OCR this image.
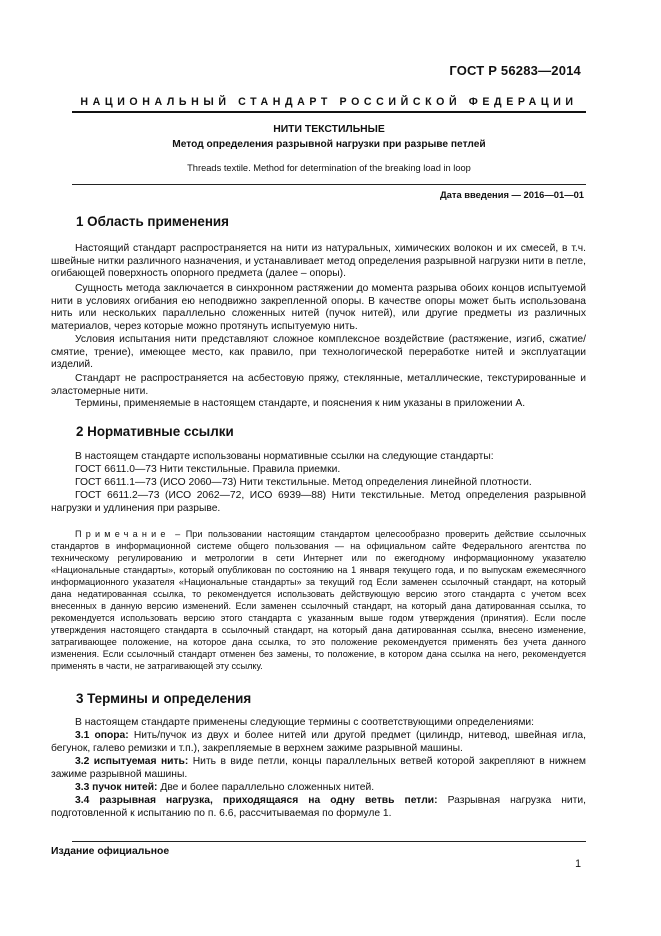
ГОСТ Р 56283—2014
НАЦИОНАЛЬНЫЙ СТАНДАРТ РОССИЙСКОЙ ФЕДЕРАЦИИ
НИТИ ТЕКСТИЛЬНЫЕ
Метод определения разрывной нагрузки при разрыве петлей
Threads textile. Method for determination of the breaking load in loop
Дата введения — 2016—01—01
1 Область применения
Настоящий стандарт распространяется на нити из натуральных, химических волокон и их смесей, в т.ч. швейные нитки различного назначения, и устанавливает метод определения разрывной нагрузки нити в петле, огибающей поверхность опорного предмета (далее – опоры).
Сущность метода заключается в синхронном растяжении до момента разрыва обоих концов испытуемой нити в условиях огибания ею неподвижно закрепленной опоры. В качестве опоры может быть использована нить или нескольких параллельно сложенных нитей (пучок нитей), или другие предметы из различных материалов, через которые можно протянуть испытуемую нить.
Условия испытания нити представляют сложное комплексное воздействие (растяжение, изгиб, сжатие/смятие, трение), имеющее место, как правило, при технологической переработке нитей и эксплуатации изделий.
Стандарт не распространяется на асбестовую пряжу, стеклянные, металлические, текстурированные и эластомерные нити.
Термины, применяемые в настоящем стандарте, и пояснения к ним указаны в приложении А.
2 Нормативные ссылки
В настоящем стандарте использованы нормативные ссылки на следующие стандарты:
ГОСТ 6611.0—73 Нити текстильные. Правила приемки.
ГОСТ 6611.1—73 (ИСО 2060—73) Нити текстильные. Метод определения линейной плотности.
ГОСТ 6611.2—73 (ИСО 2062—72, ИСО 6939—88) Нити текстильные. Метод определения разрывной нагрузки и удлинения при разрыве.
Примечание – При пользовании настоящим стандартом целесообразно проверить действие ссылочных стандартов в информационной системе общего пользования — на официальном сайте Федерального агентства по техническому регулированию и метрологии в сети Интернет или по ежегодному информационному указателю «Национальные стандарты», который опубликован по состоянию на 1 января текущего года, и по выпускам ежемесячного информационного указателя «Национальные стандарты» за текущий год Если заменен ссылочный стандарт, на который дана недатированная ссылка, то рекомендуется использовать действующую версию этого стандарта с учетом всех внесенных в данную версию изменений. Если заменен ссылочный стандарт, на который дана датированная ссылка, то рекомендуется использовать версию этого стандарта с указанным выше годом утверждения (принятия). Если после утверждения настоящего стандарта в ссылочный стандарт, на который дана датированная ссылка, внесено изменение, затрагивающее положение, на которое дана ссылка, то это положение рекомендуется применять без учета данного изменения. Если ссылочный стандарт отменен без замены, то положение, в котором дана ссылка на него, рекомендуется применять в части, не затрагивающей эту ссылку.
3 Термины и определения
В настоящем стандарте применены следующие термины с соответствующими определениями:
3.1 опора: Нить/пучок из двух и более нитей или другой предмет (цилиндр, нитевод, швейная игла, бегунок, галево ремизки и т.п.), закрепляемые в верхнем зажиме разрывной машины.
3.2 испытуемая нить: Нить в виде петли, концы параллельных ветвей которой закрепляют в нижнем зажиме разрывной машины.
3.3 пучок нитей: Две и более параллельно сложенных нитей.
3.4 разрывная нагрузка, приходящаяся на одну ветвь петли: Разрывная нагрузка нити, подготовленной к испытанию по п. 6.6, рассчитываемая по формуле 1.
Издание официальное
1
